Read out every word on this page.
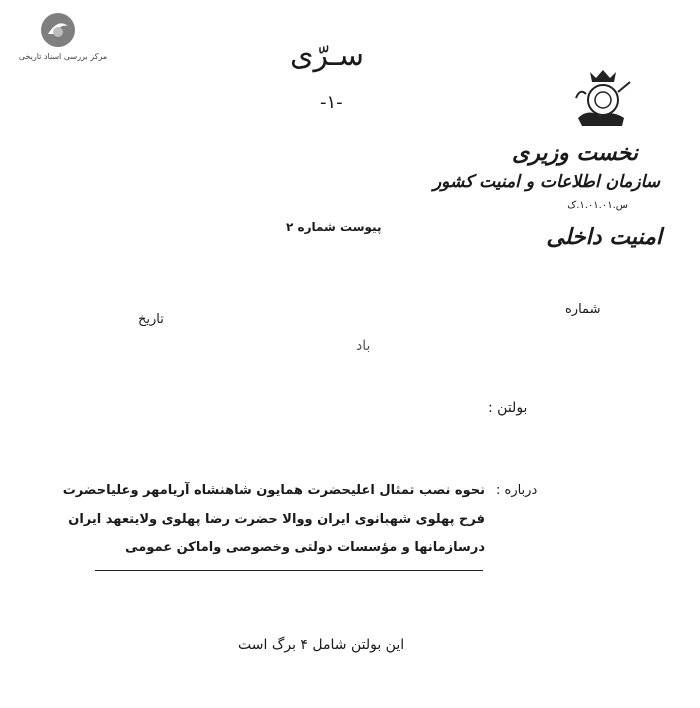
مرکز بررسی اسناد تاریخی	سـرّی
-۱-
نخست وزیری
سازمان اطلاعات و امنیت کشور
س.۱.۰۱.۰۱.ک
امنیت داخلی
پیوست شماره ۲
تاریخ
شماره
باد
بولتن :
درباره :
نحوه نصب تمثال اعلیحضرت همایون شاهنشاه آریامهر وعلیاحضرت
فرح پهلوی شهبانوی ایران ووالا حضرت رضا پهلوی ولایتعهد ایران
درسازمانها و مؤسسات دولتی وخصوصی واماکن عمومی
این بولتن شامل ۴ برگ است
